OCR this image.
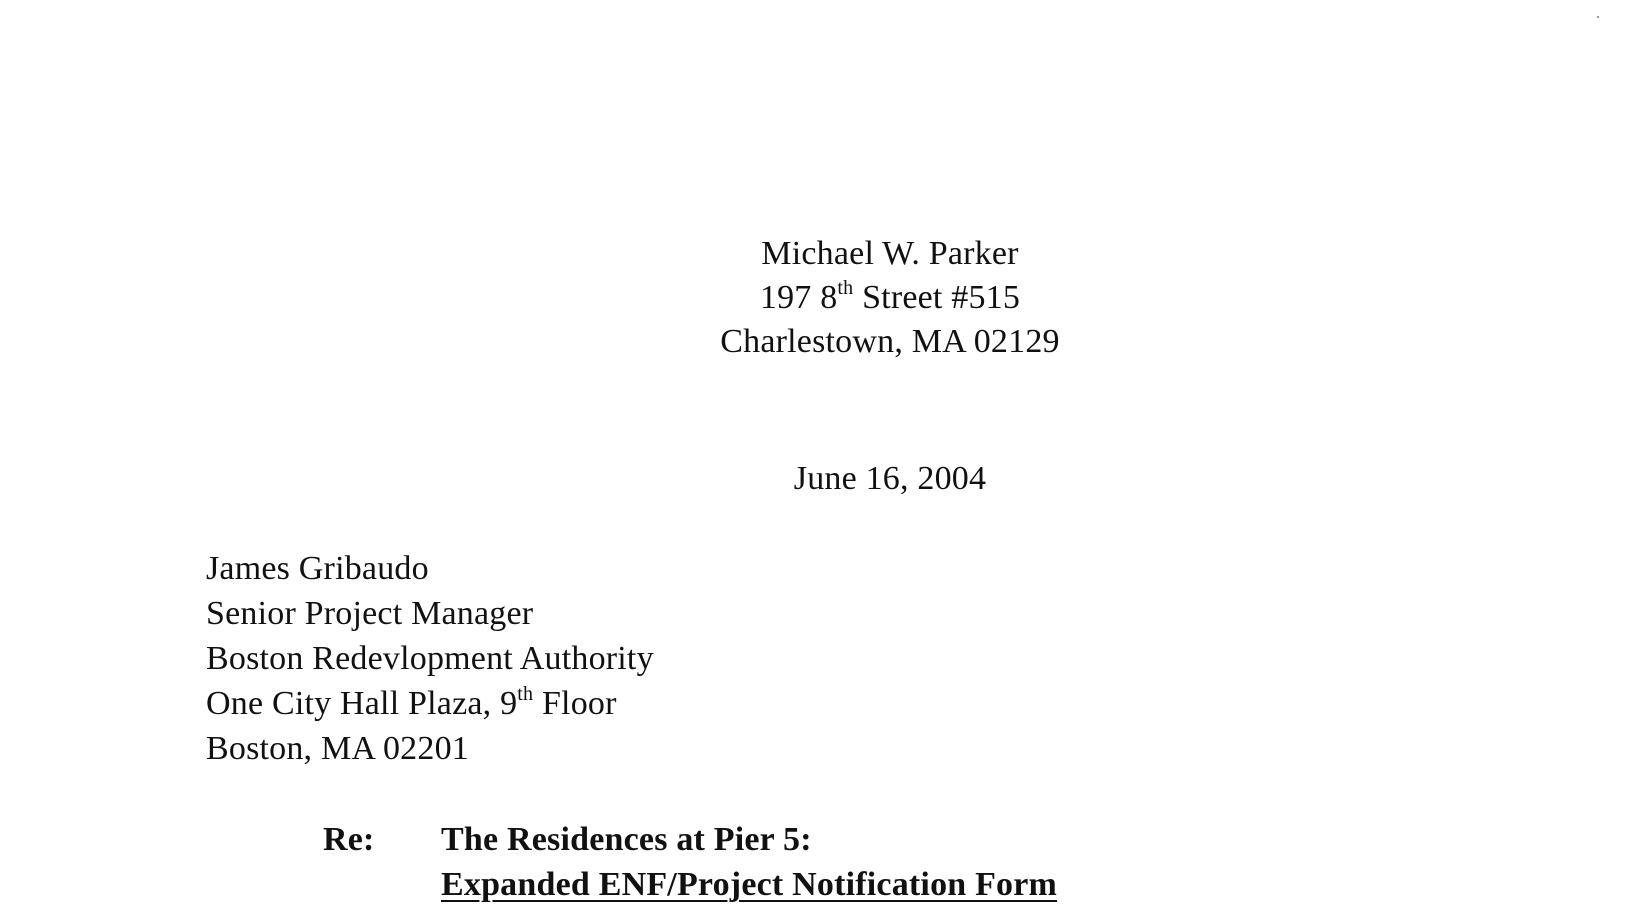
Michael W. Parker
197 8th Street #515
Charlestown, MA 02129
June 16, 2004
James Gribaudo
Senior Project Manager
Boston Redevlopment Authority
One City Hall Plaza, 9th Floor
Boston, MA 02201
Re: The Residences at Pier 5:
Expanded ENF/Project Notification Form
